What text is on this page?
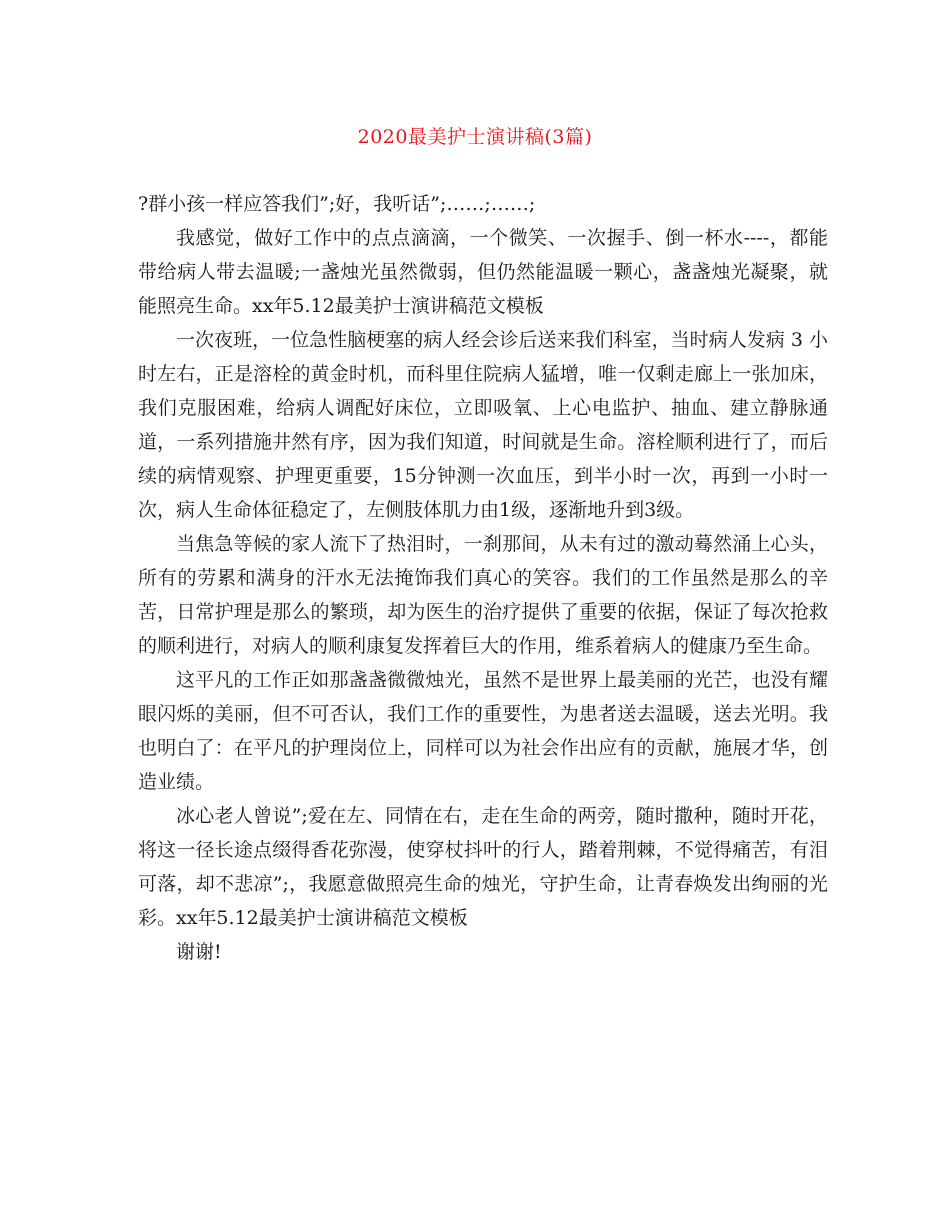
2020最美护士演讲稿(3篇)

?群小孩一样应答我们”;好，我听话”;……;……;

我感觉，做好工作中的点点滴滴，一个微笑、一次握手、倒一杯水----，都能带给病人带去温暖;一盏烛光虽然微弱，但仍然能温暖一颗心，盏盏烛光凝聚，就能照亮生命。xx年5.12最美护士演讲稿范文模板

一次夜班，一位急性脑梗塞的病人经会诊后送来我们科室，当时病人发病 3 小时左右，正是溶栓的黄金时机，而科里住院病人猛增，唯一仅剩走廊上一张加床，我们克服困难，给病人调配好床位，立即吸氧、上心电监护、抽血、建立静脉通道，一系列措施井然有序，因为我们知道，时间就是生命。溶栓顺利进行了，而后续的病情观察、护理更重要，15分钟测一次血压，到半小时一次，再到一小时一次，病人生命体征稳定了，左侧肢体肌力由1级，逐渐地升到3级。

当焦急等候的家人流下了热泪时，一刹那间，从未有过的激动蓦然涌上心头，所有的劳累和满身的汗水无法掩饰我们真心的笑容。我们的工作虽然是那么的辛苦，日常护理是那么的繁琐，却为医生的治疗提供了重要的依据，保证了每次抢救的顺利进行，对病人的顺利康复发挥着巨大的作用，维系着病人的健康乃至生命。

这平凡的工作正如那盏盏微微烛光，虽然不是世界上最美丽的光芒，也没有耀眼闪烁的美丽，但不可否认，我们工作的重要性，为患者送去温暖，送去光明。我也明白了：在平凡的护理岗位上，同样可以为社会作出应有的贡献，施展才华，创造业绩。

冰心老人曾说”;爱在左、同情在右，走在生命的两旁，随时撒种，随时开花，将这一径长途点缀得香花弥漫，使穿杖抖叶的行人，踏着荆棘，不觉得痛苦，有泪可落，却不悲凉”;，我愿意做照亮生命的烛光，守护生命，让青春焕发出绚丽的光彩。xx年5.12最美护士演讲稿范文模板

谢谢!
